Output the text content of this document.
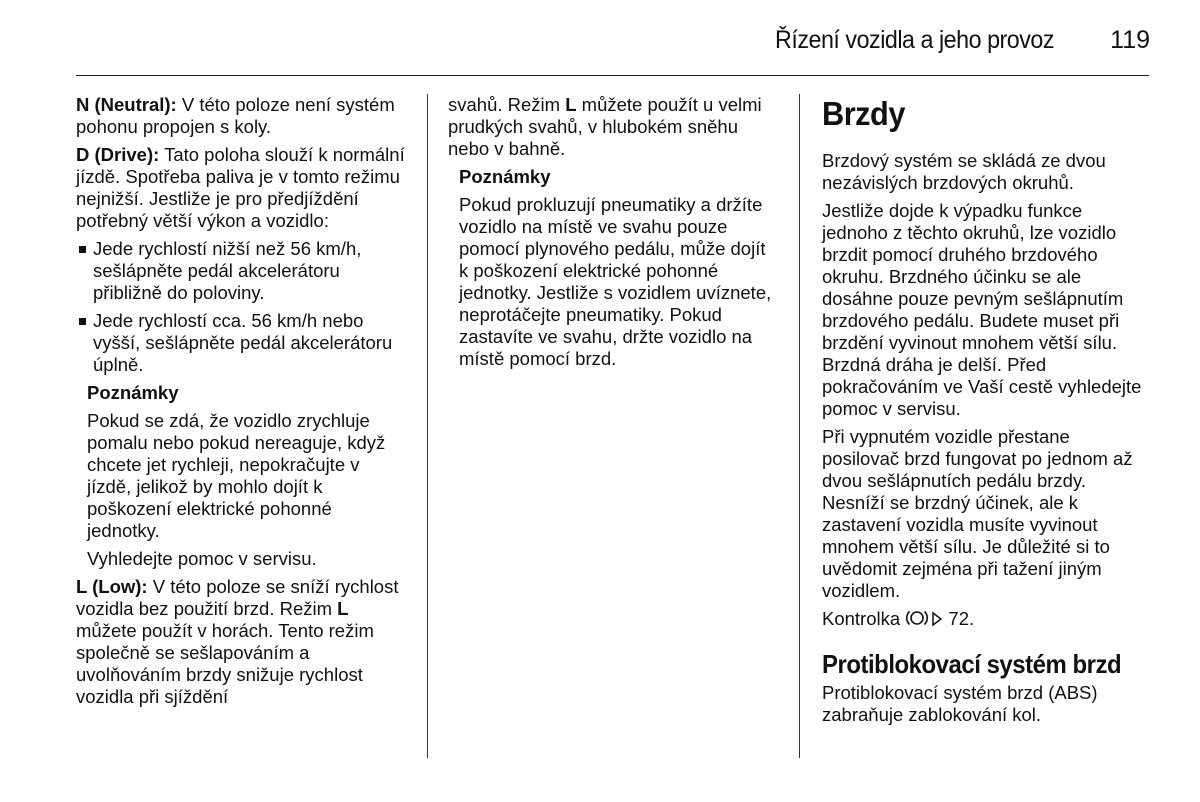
Řízení vozidla a jeho provoz 119

N (Neutral): V této poloze není systém pohonu propojen s koly.

D (Drive): Tato poloha slouží k normální jízdě. Spotřeba paliva je v tomto režimu nejnižší. Jestliže je pro předjíždění potřebný větší výkon a vozidlo:

Jede rychlostí nižší než 56 km/h, sešlápněte pedál akcelerátoru přibližně do poloviny.
Jede rychlostí cca. 56 km/h nebo vyšší, sešlápněte pedál akcelerátoru úplně.

Poznámky

Pokud se zdá, že vozidlo zrychluje pomalu nebo pokud nereaguje, když chcete jet rychleji, nepokračujte v jízdě, jelikož by mohlo dojít k poškození elektrické pohonné jednotky.

Vyhledejte pomoc v servisu.

L (Low): V této poloze se sníží rychlost vozidla bez použití brzd. Režim L můžete použít v horách. Tento režim společně se sešlapováním a uvolňováním brzdy snižuje rychlost vozidla při sjíždění

svahů. Režim L můžete použít u velmi prudkých svahů, v hlubokém sněhu nebo v bahně.

Poznámky

Pokud prokluzují pneumatiky a držíte vozidlo na místě ve svahu pouze pomocí plynového pedálu, může dojít k poškození elektrické pohonné jednotky. Jestliže s vozidlem uvíznete, neprotáčejte pneumatiky. Pokud zastavíte ve svahu, držte vozidlo na místě pomocí brzd.

Brzdy

Brzdový systém se skládá ze dvou nezávislých brzdových okruhů.

Jestliže dojde k výpadku funkce jednoho z těchto okruhů, lze vozidlo brzdit pomocí druhého brzdového okruhu. Brzdného účinku se ale dosáhne pouze pevným sešlápnutím brzdového pedálu. Budete muset při brzdění vyvinout mnohem větší sílu. Brzdná dráha je delší. Před pokračováním ve Vaší cestě vyhledejte pomoc v servisu.

Při vypnutém vozidle přestane posilovač brzd fungovat po jednom až dvou sešlápnutích pedálu brzdy. Nesníží se brzdný účinek, ale k zastavení vozidla musíte vyvinout mnohem větší sílu. Je důležité si to uvědomit zejména při tažení jiným vozidlem.

Kontrolka  72.

Protiblokovací systém brzd

Protiblokovací systém brzd (ABS) zabraňuje zablokování kol.
